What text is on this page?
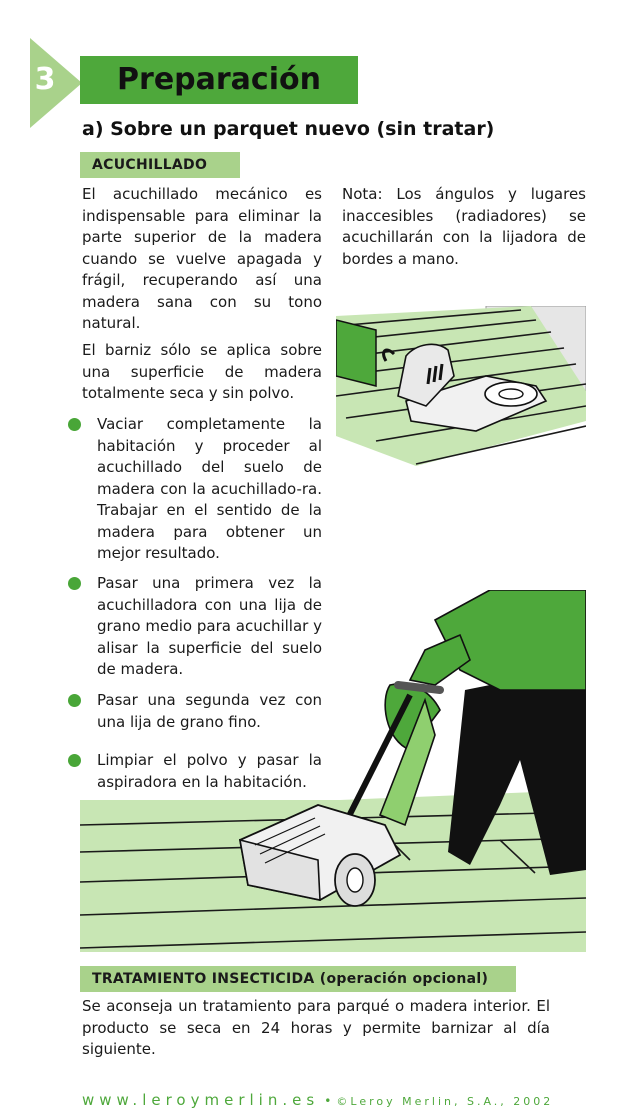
3	Preparación
a) Sobre un parquet nuevo (sin tratar)
ACUCHILLADO
El acuchillado mecánico es indispensable para eliminar la parte superior de la madera cuando se vuelve apagada y frágil, recuperando así una madera sana con su tono natural.
El barniz sólo se aplica sobre una superficie de madera totalmente seca y sin polvo.
Nota: Los ángulos y lugares inaccesibles (radiadores) se acuchillarán con la lijadora de bordes a mano.
Vaciar completamente la habitación y proceder al acuchillado del suelo de madera con la acuchillado-ra. Trabajar en el sentido de la madera para obtener un mejor resultado.
Pasar una primera vez la acuchilladora con una lija de grano medio para acuchillar y alisar la superficie del suelo de madera.
Pasar una segunda vez con una lija de grano fino.
Limpiar el polvo y pasar la aspiradora en la habitación.
TRATAMIENTO INSECTICIDA (operación opcional)
Se aconseja un tratamiento para parqué o madera interior. El producto se seca en 24 horas y permite barnizar al día siguiente.
www.leroymerlin.es • ©Leroy Merlin, S.A., 2002
